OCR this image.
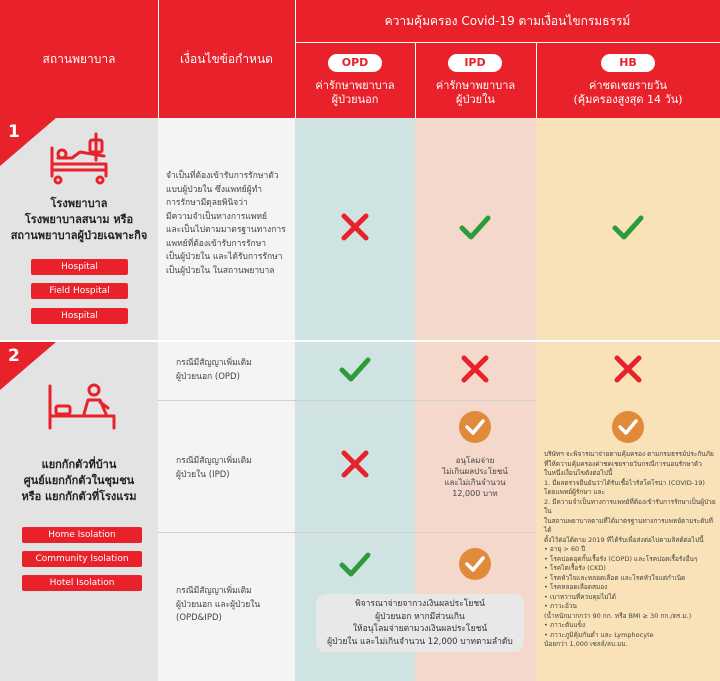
สถานพยาบาล	เงื่อนไขข้อกำหนด
ความคุ้มครอง Covid-19 ตามเงื่อนไขกรมธรรม์
OPD
ค่ารักษาพยาบาล
ผู้ป่วยนอก
IPD
ค่ารักษาพยาบาล
ผู้ป่วยใน
HB
ค่าชดเชยรายวัน
(คุ้มครองสูงสุด 14 วัน)
1
โรงพยาบาล
โรงพยาบาลสนาม หรือ
สถานพยาบาลผู้ป่วยเฉพาะกิจ
Hospital
Field Hospital
Hospital
จำเป็นที่ต้องเข้ารับการรักษาตัว
แบบผู้ป่วยใน ซึ่งแพทย์ผู้ทำ
การรักษามีดุลยพินิจว่า
มีความจำเป็นทางการแพทย์
และเป็นไปตามมาตรฐานทางการ
แพทย์ที่ต้องเข้ารับการรักษา
เป็นผู้ป่วยใน และได้รับการรักษา
เป็นผู้ป่วยใน ในสถานพยาบาล
2
แยกกักตัวที่บ้าน
ศูนย์แยกกักตัวในชุมชน
หรือ แยกกักตัวที่โรงแรม
Home Isolation
Community Isolation
Hotel Isolation
กรณีมีสัญญาเพิ่มเติม
ผู้ป่วยนอก (OPD)
กรณีมีสัญญาเพิ่มเติม
ผู้ป่วยใน (IPD)
อนุโลมจ่าย
ไม่เกินผลประโยชน์
และไม่เกินจำนวน
12,000 บาท
บริษัทฯ จะพิจารณาจ่ายตามคุ้มครอง ตามกรมธรรม์ประกันภัย
ที่ให้ความคุ้มครองค่าชดเชยรายวันกรณีการนอนรักษาตัว
ในหนึ่งเงื่อนไขดังต่อไปนี้
1. มีผลตรวจยืนยันว่าได้รับเชื้อไวรัสโคโรน่า (COVID-19)
โดยแพทย์ผู้รักษา และ
2. มีความจำเป็นทางการแพทย์ที่ต้องเข้ารับการรักษาเป็นผู้ป่วยใน
ในสถานพยาบาลตามที่ได้มาตรฐานทางการแพทย์ตามระดับที่ได้
ตั้งไว้ต่อได้ตาม 2019 ที่ได้รับเพื่อส่งต่อไปตามลิสต์ต่อไปนี้
• อายุ > 60 ปี
• โรคปอดอุดกั้นเรื้อรัง (COPD) และโรคปอดเรื้อรังอื่นๆ
• โรคไตเรื้อรัง (CKD)
• โรคหัวใจและหลอดเลือด และโรคหัวใจแต่กำเนิด
• โรคหลอดเลือดสมอง
• เบาหวานที่ควบคุมไม่ได้
• ภาวะอ้วน
(น้ำหนักมากกว่า 90 กก. หรือ BMI ≥ 30 กก./ตร.ม.)
• ภาวะตับแข็ง
• ภาวะภูมิคุ้มกันต่ำ และ Lymphocyte
น้อยกว่า 1,000 เซลล์/ลบ.มม.
กรณีมีสัญญาเพิ่มเติม
ผู้ป่วยนอก และผู้ป่วยใน
(OPD&IPD)
พิจารณาจ่ายจากวงเงินผลประโยชน์
ผู้ป่วยนอก หากมีส่วนเกิน
ให้อนุโลมจ่ายตามวงเงินผลประโยชน์
ผู้ป่วยใน และไม่เกินจำนวน 12,000 บาทตามลำดับ
